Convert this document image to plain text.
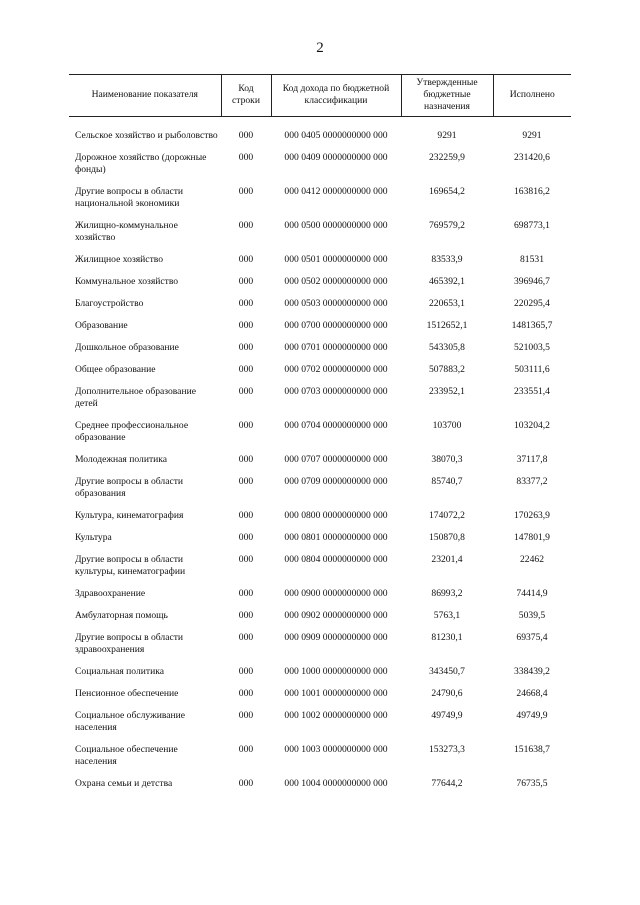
2
Наименование показателя	Код строки	Код дохода по бюджетной классификации	Утвержденные бюджетные назначения	Исполнено

Сельское хозяйство и рыболовство	000	000 0405 0000000000 000	9291	9291
Дорожное хозяйство (дорожные фонды)	000	000 0409 0000000000 000	232259,9	231420,6
Другие вопросы в области национальной экономики	000	000 0412 0000000000 000	169654,2	163816,2
Жилищно-коммунальное хозяйство	000	000 0500 0000000000 000	769579,2	698773,1
Жилищное хозяйство	000	000 0501 0000000000 000	83533,9	81531
Коммунальное хозяйство	000	000 0502 0000000000 000	465392,1	396946,7
Благоустройство	000	000 0503 0000000000 000	220653,1	220295,4
Образование	000	000 0700 0000000000 000	1512652,1	1481365,7
Дошкольное образование	000	000 0701 0000000000 000	543305,8	521003,5
Общее образование	000	000 0702 0000000000 000	507883,2	503111,6
Дополнительное образование детей	000	000 0703 0000000000 000	233952,1	233551,4
Среднее профессиональное образование	000	000 0704 0000000000 000	103700	103204,2
Молодежная политика	000	000 0707 0000000000 000	38070,3	37117,8
Другие вопросы в области образования	000	000 0709 0000000000 000	85740,7	83377,2
Культура, кинематография	000	000 0800 0000000000 000	174072,2	170263,9
Культура	000	000 0801 0000000000 000	150870,8	147801,9
Другие вопросы в области культуры, кинематографии	000	000 0804 0000000000 000	23201,4	22462
Здравоохранение	000	000 0900 0000000000 000	86993,2	74414,9
Амбулаторная помощь	000	000 0902 0000000000 000	5763,1	5039,5
Другие вопросы в области здравоохранения	000	000 0909 0000000000 000	81230,1	69375,4
Социальная политика	000	000 1000 0000000000 000	343450,7	338439,2
Пенсионное обеспечение	000	000 1001 0000000000 000	24790,6	24668,4
Социальное обслуживание населения	000	000 1002 0000000000 000	49749,9	49749,9
Социальное обеспечение населения	000	000 1003 0000000000 000	153273,3	151638,7
Охрана семьи и детства	000	000 1004 0000000000 000	77644,2	76735,5
